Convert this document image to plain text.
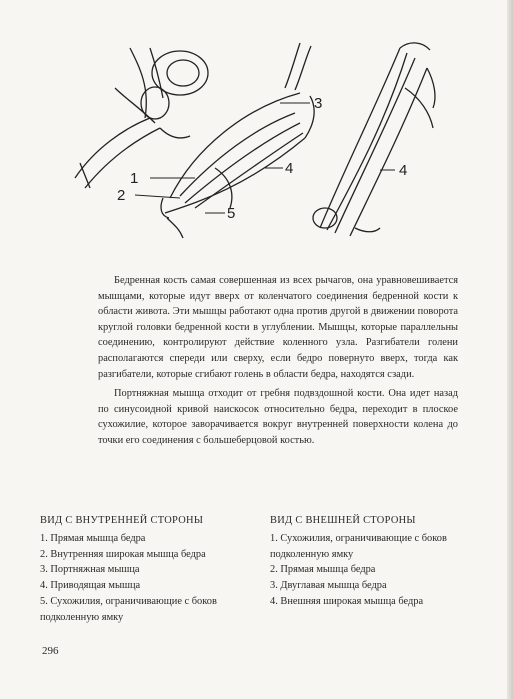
1
2
3
4
5
4

Бедренная кость самая совершенная из всех рычагов, она уравновешивается мышцами, которые идут вверх от коленчатого соединения бедренной кости к области живота. Эти мышцы работают одна против другой в движении поворота круглой головки бедренной кости в углублении. Мышцы, которые параллельны соединению, контролируют действие коленного узла. Разгибатели голени располагаются спереди или сверху, если бедро повернуто вверх, тогда как разгибатели, которые сгибают голень в области бедра, находятся сзади.

Портняжная мышца отходит от гребня подвздошной кости. Она идет назад по синусоидной кривой наискосок относительно бедра, переходит в плоское сухожилие, которое заворачивается вокруг внутренней поверхности колена до точки его соединения с большеберцовой костью.

ВИД С ВНУТРЕННЕЙ СТОРОНЫ
1. Прямая мышца бедра
2. Внутренняя широкая мышца бедра
3. Портняжная мышца
4. Приводящая мышца
5. Сухожилия, ограничивающие с боков подколенную ямку
ВИД С ВНЕШНЕЙ СТОРОНЫ
1. Сухожилия, ограничивающие с боков подколенную ямку
2. Прямая мышца бедра
3. Двуглавая мышца бедра
4. Внешняя широкая мышца бедра
296
